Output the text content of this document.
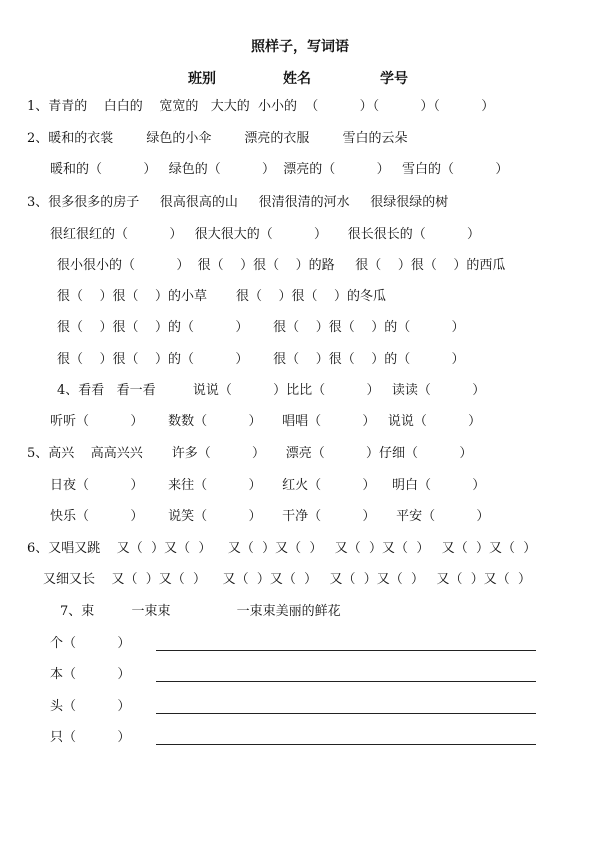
照样子，写词语
班别	姓名	学号
1、青青的    白白的    宽宽的   大大的  小小的  （          ）（          ）（          ）
2、暖和的衣裳        绿色的小伞        漂亮的衣服        雪白的云朵
暖和的（          ）   绿色的（          ）  漂亮的（          ）   雪白的（          ）
3、很多很多的房子     很高很高的山     很清很清的河水     很绿很绿的树
很红很红的（          ）   很大很大的（          ）     很长很长的（          ）
很小很小的（          ）  很（    ）很（    ）的路     很（    ）很（    ）的西瓜
很（    ）很（    ）的小草       很（    ）很（    ）的冬瓜
很（    ）很（    ）的（          ）      很（    ）很（    ）的（          ）
很（    ）很（    ）的（          ）      很（    ）很（    ）的（          ）
4、看看   看一看         说说（          ）比比（          ）   读读（          ）
听听（          ）      数数（          ）     唱唱（          ）   说说（          ）
5、高兴    高高兴兴       许多（          ）     漂亮（          ）仔细（          ）
日夜（          ）      来往（          ）     红火（          ）    明白（          ）
快乐（          ）      说笑（          ）     干净（          ）     平安（          ）
6、又唱又跳    又（  ）又（  ）    又（  ）又（  ）   又（  ）又（  ）   又（  ）又（  ）
又细又长    又（  ）又（  ）    又（  ）又（  ）   又（  ）又（  ）   又（  ）又（  ）
7、束         一束束                一束束美丽的鲜花
个（          ）
本（          ）
头（          ）
只（          ）
